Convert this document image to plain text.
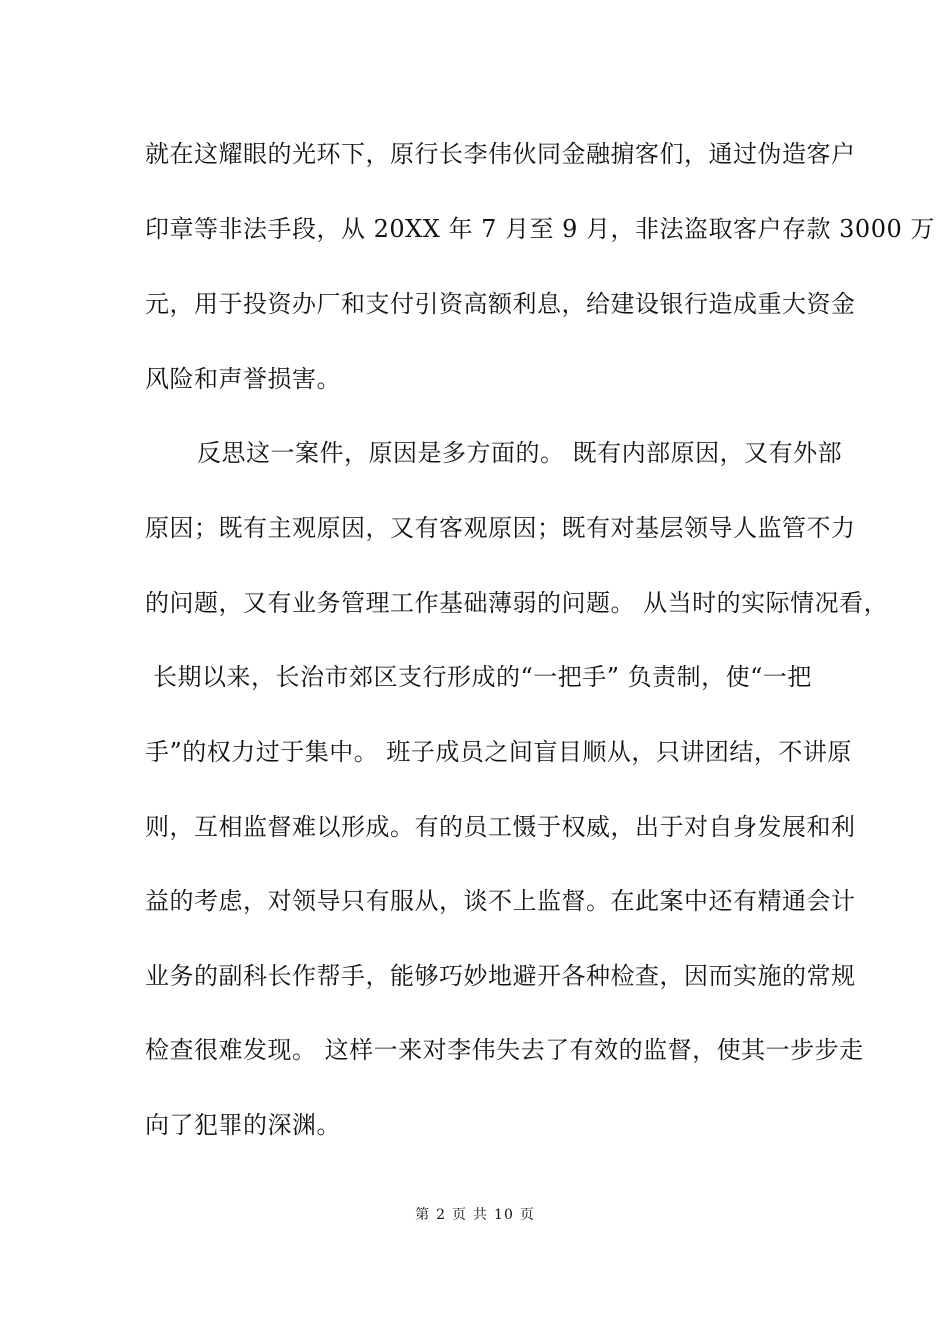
就在这耀眼的光环下，原行长李伟伙同金融掮客们，通过伪造客户
印章等非法手段，从 20XX 年 7 月至 9 月，非法盗取客户存款 3000 万
元，用于投资办厂和支付引资高额利息，给建设银行造成重大资金
风险和声誉损害。
反思这一案件，原因是多方面的。 既有内部原因，又有外部
原因；既有主观原因，又有客观原因；既有对基层领导人监管不力
的问题，又有业务管理工作基础薄弱的问题。 从当时的实际情况看，
长期以来，长治市郊区支行形成的“一把手” 负责制，使“一把
手”的权力过于集中。 班子成员之间盲目顺从，只讲团结，不讲原
则，互相监督难以形成。有的员工慑于权威，出于对自身发展和利
益的考虑，对领导只有服从，谈不上监督。在此案中还有精通会计
业务的副科长作帮手，能够巧妙地避开各种检查，因而实施的常规
检查很难发现。 这样一来对李伟失去了有效的监督，使其一步步走
向了犯罪的深渊。
第 2 页 共 10 页
